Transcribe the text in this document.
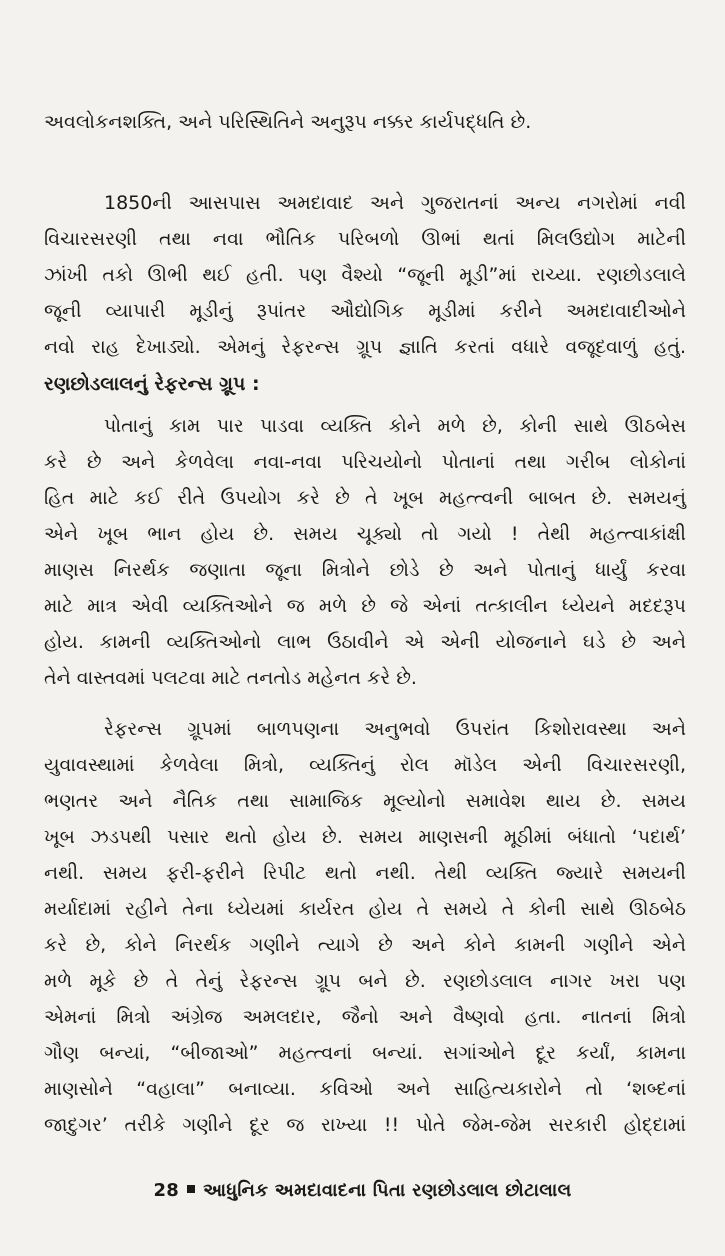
અવલોકનશક્તિ, અને પરિસ્થિતિને અનુરૂપ નક્કર કાર્યપદ્ધતિ છે.
1850ની આસપાસ અમદાવાદ અને ગુજરાતનાં અન્ય નગરોમાં નવી
વિચારસરણી તથા નવા ભૌતિક પરિબળો ઊભાં થતાં મિલઉદ્યોગ માટેની
ઝાંખી તકો ઊભી થઈ હતી. પણ વૈશ્યો “જૂની મૂડી”માં રાચ્યા. રણછોડલાલે
જૂની વ્યાપારી મૂડીનું રૂપાંતર ઔદ્યોગિક મૂડીમાં કરીને અમદાવાદીઓને
નવો રાહ દેખાડ્યો. એમનું રેફરન્સ ગ્રૂપ જ્ઞાતિ કરતાં વધારે વજૂદવાળું હતું.
રણછોડલાલનું રેફરન્સ ગ્રૂપ :
પોતાનું કામ પાર પાડવા વ્યક્તિ કોને મળે છે, કોની સાથે ઊઠબેસ
કરે છે અને કેળવેલા નવા-નવા પરિચયોનો પોતાનાં તથા ગરીબ લોકોનાં
હિત માટે કઈ રીતે ઉપયોગ કરે છે તે ખૂબ મહત્ત્વની બાબત છે. સમયનું
એને ખૂબ ભાન હોય છે. સમય ચૂક્યો તો ગયો ! તેથી મહત્ત્વાકાંક્ષી
માણસ નિરર્થક જણાતા જૂના મિત્રોને છોડે છે અને પોતાનું ધાર્યું કરવા
માટે માત્ર એવી વ્યક્તિઓને જ મળે છે જે એનાં તત્કાલીન ધ્યેયને મદદરૂપ
હોય. કામની વ્યક્તિઓનો લાભ ઉઠાવીને એ એની યોજનાને ઘડે છે અને
તેને વાસ્તવમાં પલટવા માટે તનતોડ મહેનત કરે છે.
રેફરન્સ ગ્રૂપમાં બાળપણના અનુભવો ઉપરાંત કિશોરાવસ્થા અને
યુવાવસ્થામાં કેળવેલા મિત્રો, વ્યક્તિનું રોલ મૉડેલ એની વિચારસરણી,
ભણતર અને નૈતિક તથા સામાજિક મૂલ્યોનો સમાવેશ થાય છે. સમય
ખૂબ ઝડપથી પસાર થતો હોય છે. સમય માણસની મૂઠીમાં બંધાતો ‘પદાર્થ’
નથી. સમય ફરી-ફરીને રિપીટ થતો નથી. તેથી વ્યક્તિ જ્યારે સમયની
મર્યાદામાં રહીને તેના ધ્યેયમાં કાર્યરત હોય તે સમયે તે કોની સાથે ઊઠબેઠ
કરે છે, કોને નિરર્થક ગણીને ત્યાગે છે અને કોને કામની ગણીને એને
મળે મૂકે છે તે તેનું રેફરન્સ ગ્રૂપ બને છે. રણછોડલાલ નાગર ખરા પણ
એમનાં મિત્રો અંગ્રેજ અમલદાર, જૈનો અને વૈષ્ણવો હતા. નાતનાં મિત્રો
ગૌણ બન્યાં, “બીજાઓ” મહત્ત્વનાં બન્યાં. સગાંઓને દૂર કર્યાં, કામના
માણસોને “વહાલા” બનાવ્યા. કવિઓ અને સાહિત્યકારોને તો ‘શબ્દનાં
જાદુગર’ તરીકે ગણીને દૂર જ રાખ્યા !! પોતે જેમ-જેમ સરકારી હોદ્દામાં
28 આધુનિક અમદાવાદના પિતા રણછોડલાલ છોટાલાલ
